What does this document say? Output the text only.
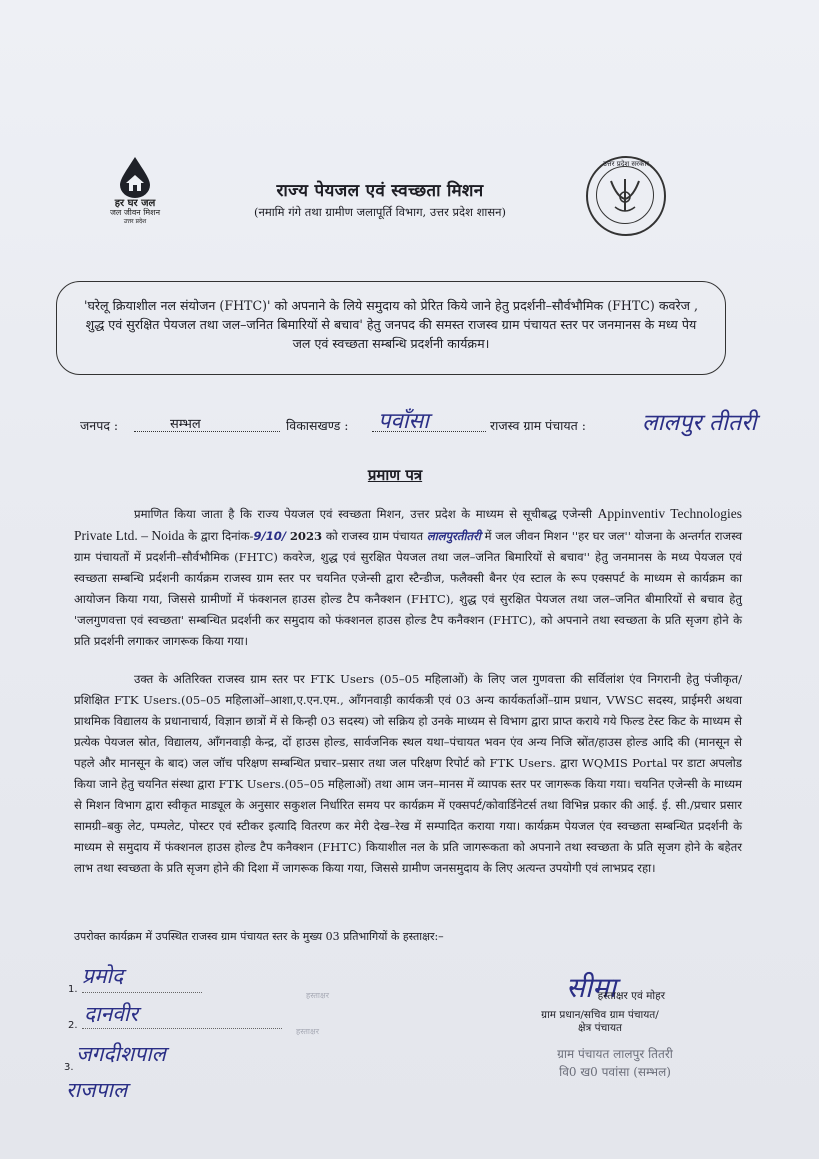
हर घर जल
जल जीवन मिशन
उत्तर प्रदेश
राज्य पेयजल एवं स्वच्छता मिशन
(नमामि गंगे तथा ग्रामीण जलापूर्ति विभाग, उत्तर प्रदेश शासन)
उत्तर प्रदेश सरकार

'घरेलू क्रियाशील नल संयोजन (FHTC)' को अपनाने के लिये समुदाय को प्रेरित किये जाने हेतु प्रदर्शनी–सौर्वभौमिक (FHTC) कवरेज , शुद्ध एवं सुरक्षित पेयजल तथा जल–जनित बिमारियों से बचाव' हेतु जनपद की समस्त राजस्व ग्राम पंचायत स्तर पर जनमानस के मध्य पेय जल एवं स्वच्छता सम्बन्धि प्रदर्शनी कार्यक्रम।

जनपद :	सम्भल	विकासखण्ड : पवाँसा	राजस्व ग्राम पंचायत : लालपुर तीतरी
प्रमाण पत्र
प्रमाणित किया जाता है कि राज्य पेयजल एवं स्वच्छता मिशन, उत्तर प्रदेश के माध्यम से सूचीबद्ध एजेन्सी Appinventiv Technologies Private Ltd. – Noida के द्वारा दिनांक-9/10/ 2023 को राजस्व ग्राम पंचायत लालपुरतीतरी में जल जीवन मिशन ''हर घर जल'' योजना के अन्तर्गत राजस्व ग्राम पंचायतों में प्रदर्शनी–सौर्वभौमिक (FHTC) कवरेज, शुद्ध एवं सुरक्षित पेयजल तथा जल–जनित बिमारियों से बचाव'' हेतु जनमानस के मध्य पेयजल एवं स्वच्छता सम्बन्धि प्रर्दशनी कार्यक्रम राजस्व ग्राम स्तर पर चयनित एजेन्सी द्वारा स्टैन्डीज, फलैक्सी बैनर एंव स्टाल के रूप एक्सपर्ट के माध्यम से कार्यक्रम का आयोजन किया गया, जिससे ग्रामीणों में फंक्शनल हाउस होल्ड टैप कनैक्शन (FHTC), शुद्ध एवं सुरक्षित पेयजल तथा जल–जनित बीमारियों से बचाव हेतु 'जलगुणवत्ता एवं स्वच्छता' सम्बन्धित प्रदर्शनी कर समुदाय को फंक्शनल हाउस होल्ड टैप कनैक्शन (FHTC), को अपनाने तथा स्वच्छता के प्रति सृजग होने के प्रति प्रदर्शनी लगाकर जागरूक किया गया।
उक्त के अतिरिक्त राजस्व ग्राम स्तर पर FTK Users (05–05 महिलाओं) के लिए जल गुणवत्ता की सर्विलांश एंव निगरानी हेतु पंजीकृत/प्रशिक्षित FTK Users.(05–05 महिलाओं–आशा,ए.एन.एम., आँगनवाड़ी कार्यकत्री एवं 03 अन्य कार्यकर्ताओं–ग्राम प्रधान, VWSC सदस्य, प्राईमरी अथवा प्राथमिक विद्यालय के प्रधानाचार्य, विज्ञान छात्रों में से किन्ही 03 सदस्य) जो सक्रिय हो उनके माध्यम से विभाग द्वारा प्राप्त कराये गये फिल्ड टेस्ट किट के माध्यम से प्रत्येक पेयजल स्रोत, विद्यालय, आँगनवाड़ी केन्द्र, दों हाउस होल्ड, सार्वजनिक स्थल यथा–पंचायत भवन एंव अन्य निजि स्रोंत/हाउस होल्ड आदि की (मानसून से पहले और मानसून के बाद) जल जॉच परिक्षण सम्बन्धित प्रचार–प्रसार तथा जल परिक्षण रिपोर्ट को FTK Users. द्वारा WQMIS Portal पर डाटा अपलोड किया जाने हेतु चयनित संस्था द्वारा FTK Users.(05–05 महिलाओं) तथा आम जन–मानस में व्यापक स्तर पर जागरूक किया गया। चयनित एजेन्सी के माध्यम से मिशन विभाग द्वारा स्वीकृत माड्यूल के अनुसार सकुशल निर्धारित समय पर कार्यक्रम में एक्सपर्ट/कोवार्डिनेटर्स तथा विभिन्न प्रकार की आई. ई. सी./प्रचार प्रसार सामग्री–बकु लेट, पम्पलेट, पोस्टर एवं स्टीकर इत्यादि वितरण कर मेरी देख–रेख में सम्पादित कराया गया। कार्यक्रम पेयजल एंव स्वच्छता सम्बन्धित प्रदर्शनी के माध्यम से समुदाय में फंक्शनल हाउस होल्ड टैप कनैक्शन (FHTC) कियाशील नल के प्रति जागरूकता को अपनाने तथा स्वच्छता के प्रति सृजग होने के बहेतर लाभ तथा स्वच्छता के प्रति सृजग होने की दिशा में जागरूक किया गया, जिससे ग्रामीण जनसमुदाय के लिए अत्यन्त उपयोगी एवं लाभप्रद रहा।
उपरोक्त कार्यक्रम में उपस्थित राजस्व ग्राम पंचायत स्तर के मुख्य 03 प्रतिभागियों के हस्ताक्षर:–
1.
प्रमोद
2. दानवीर
3.
जगदीशपाल
राजपाल
हस्ताक्षर
हस्ताक्षर
सीमा
हस्ताक्षर एवं मोहर
ग्राम प्रधान/सचिव ग्राम पंचायत/
क्षेत्र पंचायत
ग्राम पंचायत लालपुर तितरी
वि0 ख0 पवांसा (सम्भल)
